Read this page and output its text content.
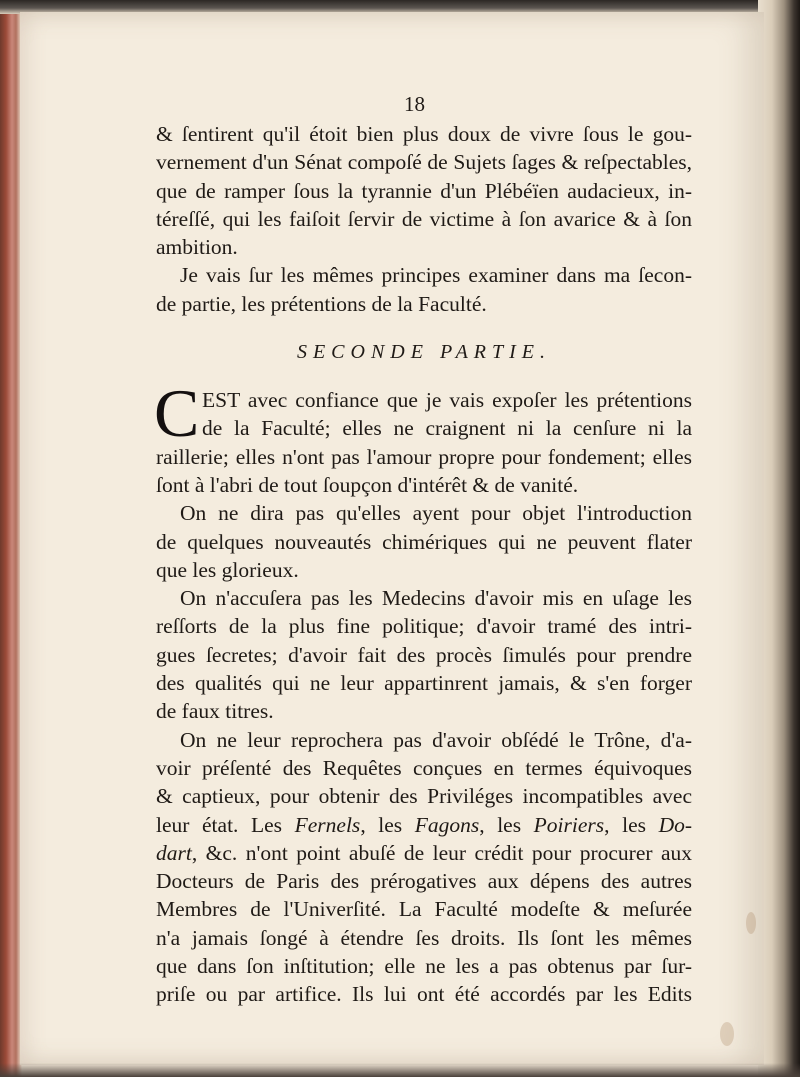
18
& ſentirent qu'il étoit bien plus doux de vivre ſous le gou-
vernement d'un Sénat compoſé de Sujets ſages & reſpectables,
que de ramper ſous la tyrannie d'un Plébéïen audacieux, in-
téreſſé, qui les faiſoit ſervir de victime à ſon avarice & à ſon
ambition.
Je vais ſur les mêmes principes examiner dans ma ſecon-
de partie, les prétentions de la Faculté.
SECONDE PARTIE.
C EST avec confiance que je vais expoſer les prétentions
de la Faculté; elles ne craignent ni la cenſure ni la
raillerie; elles n'ont pas l'amour propre pour fondement; elles
ſont à l'abri de tout ſoupçon d'intérêt & de vanité.
On ne dira pas qu'elles ayent pour objet l'introduction
de quelques nouveautés chimériques qui ne peuvent flater
que les glorieux.
On n'accuſera pas les Medecins d'avoir mis en uſage les
reſſorts de la plus fine politique; d'avoir tramé des intri-
gues ſecretes; d'avoir fait des procès ſimulés pour prendre
des qualités qui ne leur appartinrent jamais, & s'en forger
de faux titres.
On ne leur reprochera pas d'avoir obſédé le Trône, d'a-
voir préſenté des Requêtes conçues en termes équivoques
& captieux, pour obtenir des Priviléges incompatibles avec
leur état. Les Fernels, les Fagons, les Poiriers, les Do-
dart, &c. n'ont point abuſé de leur crédit pour procurer aux
Docteurs de Paris des prérogatives aux dépens des autres
Membres de l'Univerſité. La Faculté modeſte & meſurée
n'a jamais ſongé à étendre ſes droits. Ils ſont les mêmes
que dans ſon inſtitution; elle ne les a pas obtenus par ſur-
priſe ou par artifice. Ils lui ont été accordés par les Edits
